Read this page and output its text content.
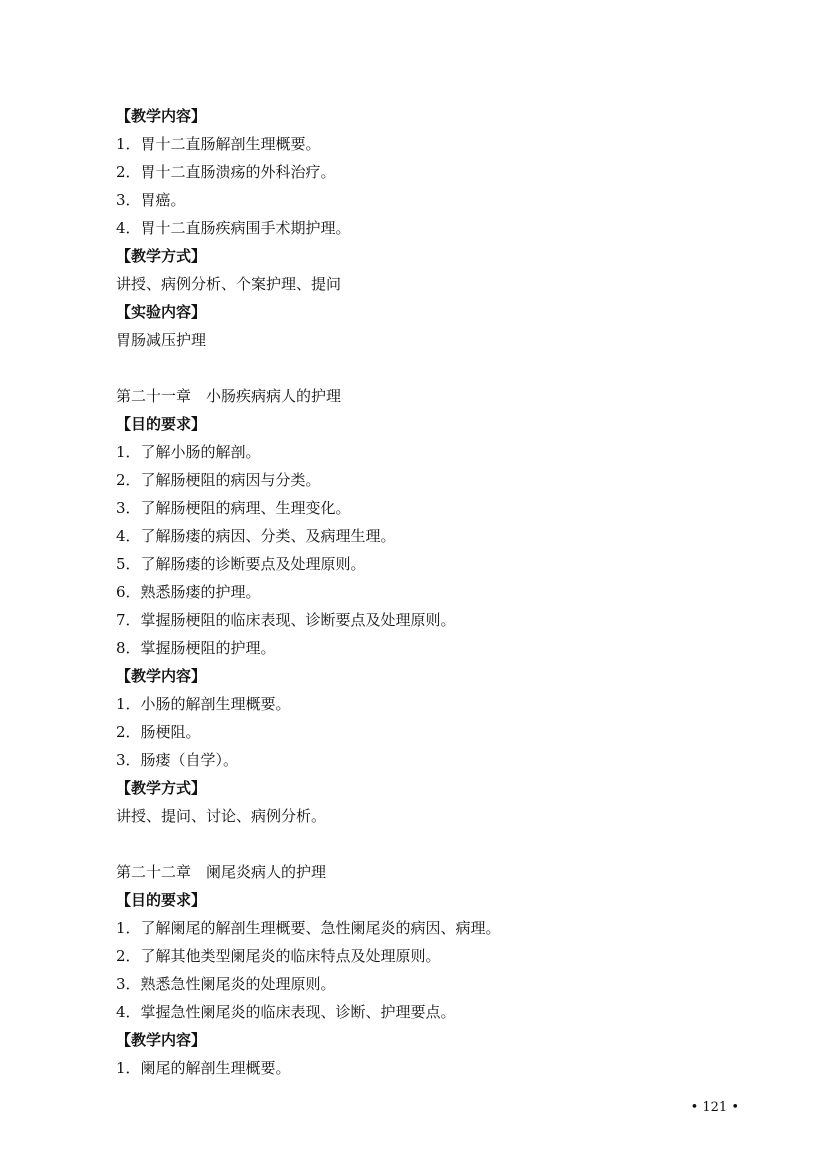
【教学内容】
1．胃十二直肠解剖生理概要。
2．胃十二直肠溃疡的外科治疗。
3．胃癌。
4．胃十二直肠疾病围手术期护理。
【教学方式】
讲授、病例分析、个案护理、提问
【实验内容】
胃肠减压护理
第二十一章　小肠疾病病人的护理
【目的要求】
1．了解小肠的解剖。
2．了解肠梗阻的病因与分类。
3．了解肠梗阻的病理、生理变化。
4．了解肠瘘的病因、分类、及病理生理。
5．了解肠瘘的诊断要点及处理原则。
6．熟悉肠瘘的护理。
7．掌握肠梗阻的临床表现、诊断要点及处理原则。
8．掌握肠梗阻的护理。
【教学内容】
1．小肠的解剖生理概要。
2．肠梗阻。
3．肠瘘（自学）。
【教学方式】
讲授、提问、讨论、病例分析。
第二十二章　阑尾炎病人的护理
【目的要求】
1．了解阑尾的解剖生理概要、急性阑尾炎的病因、病理。
2．了解其他类型阑尾炎的临床特点及处理原则。
3．熟悉急性阑尾炎的处理原则。
4．掌握急性阑尾炎的临床表现、诊断、护理要点。
【教学内容】
1．阑尾的解剖生理概要。
• 121 •
